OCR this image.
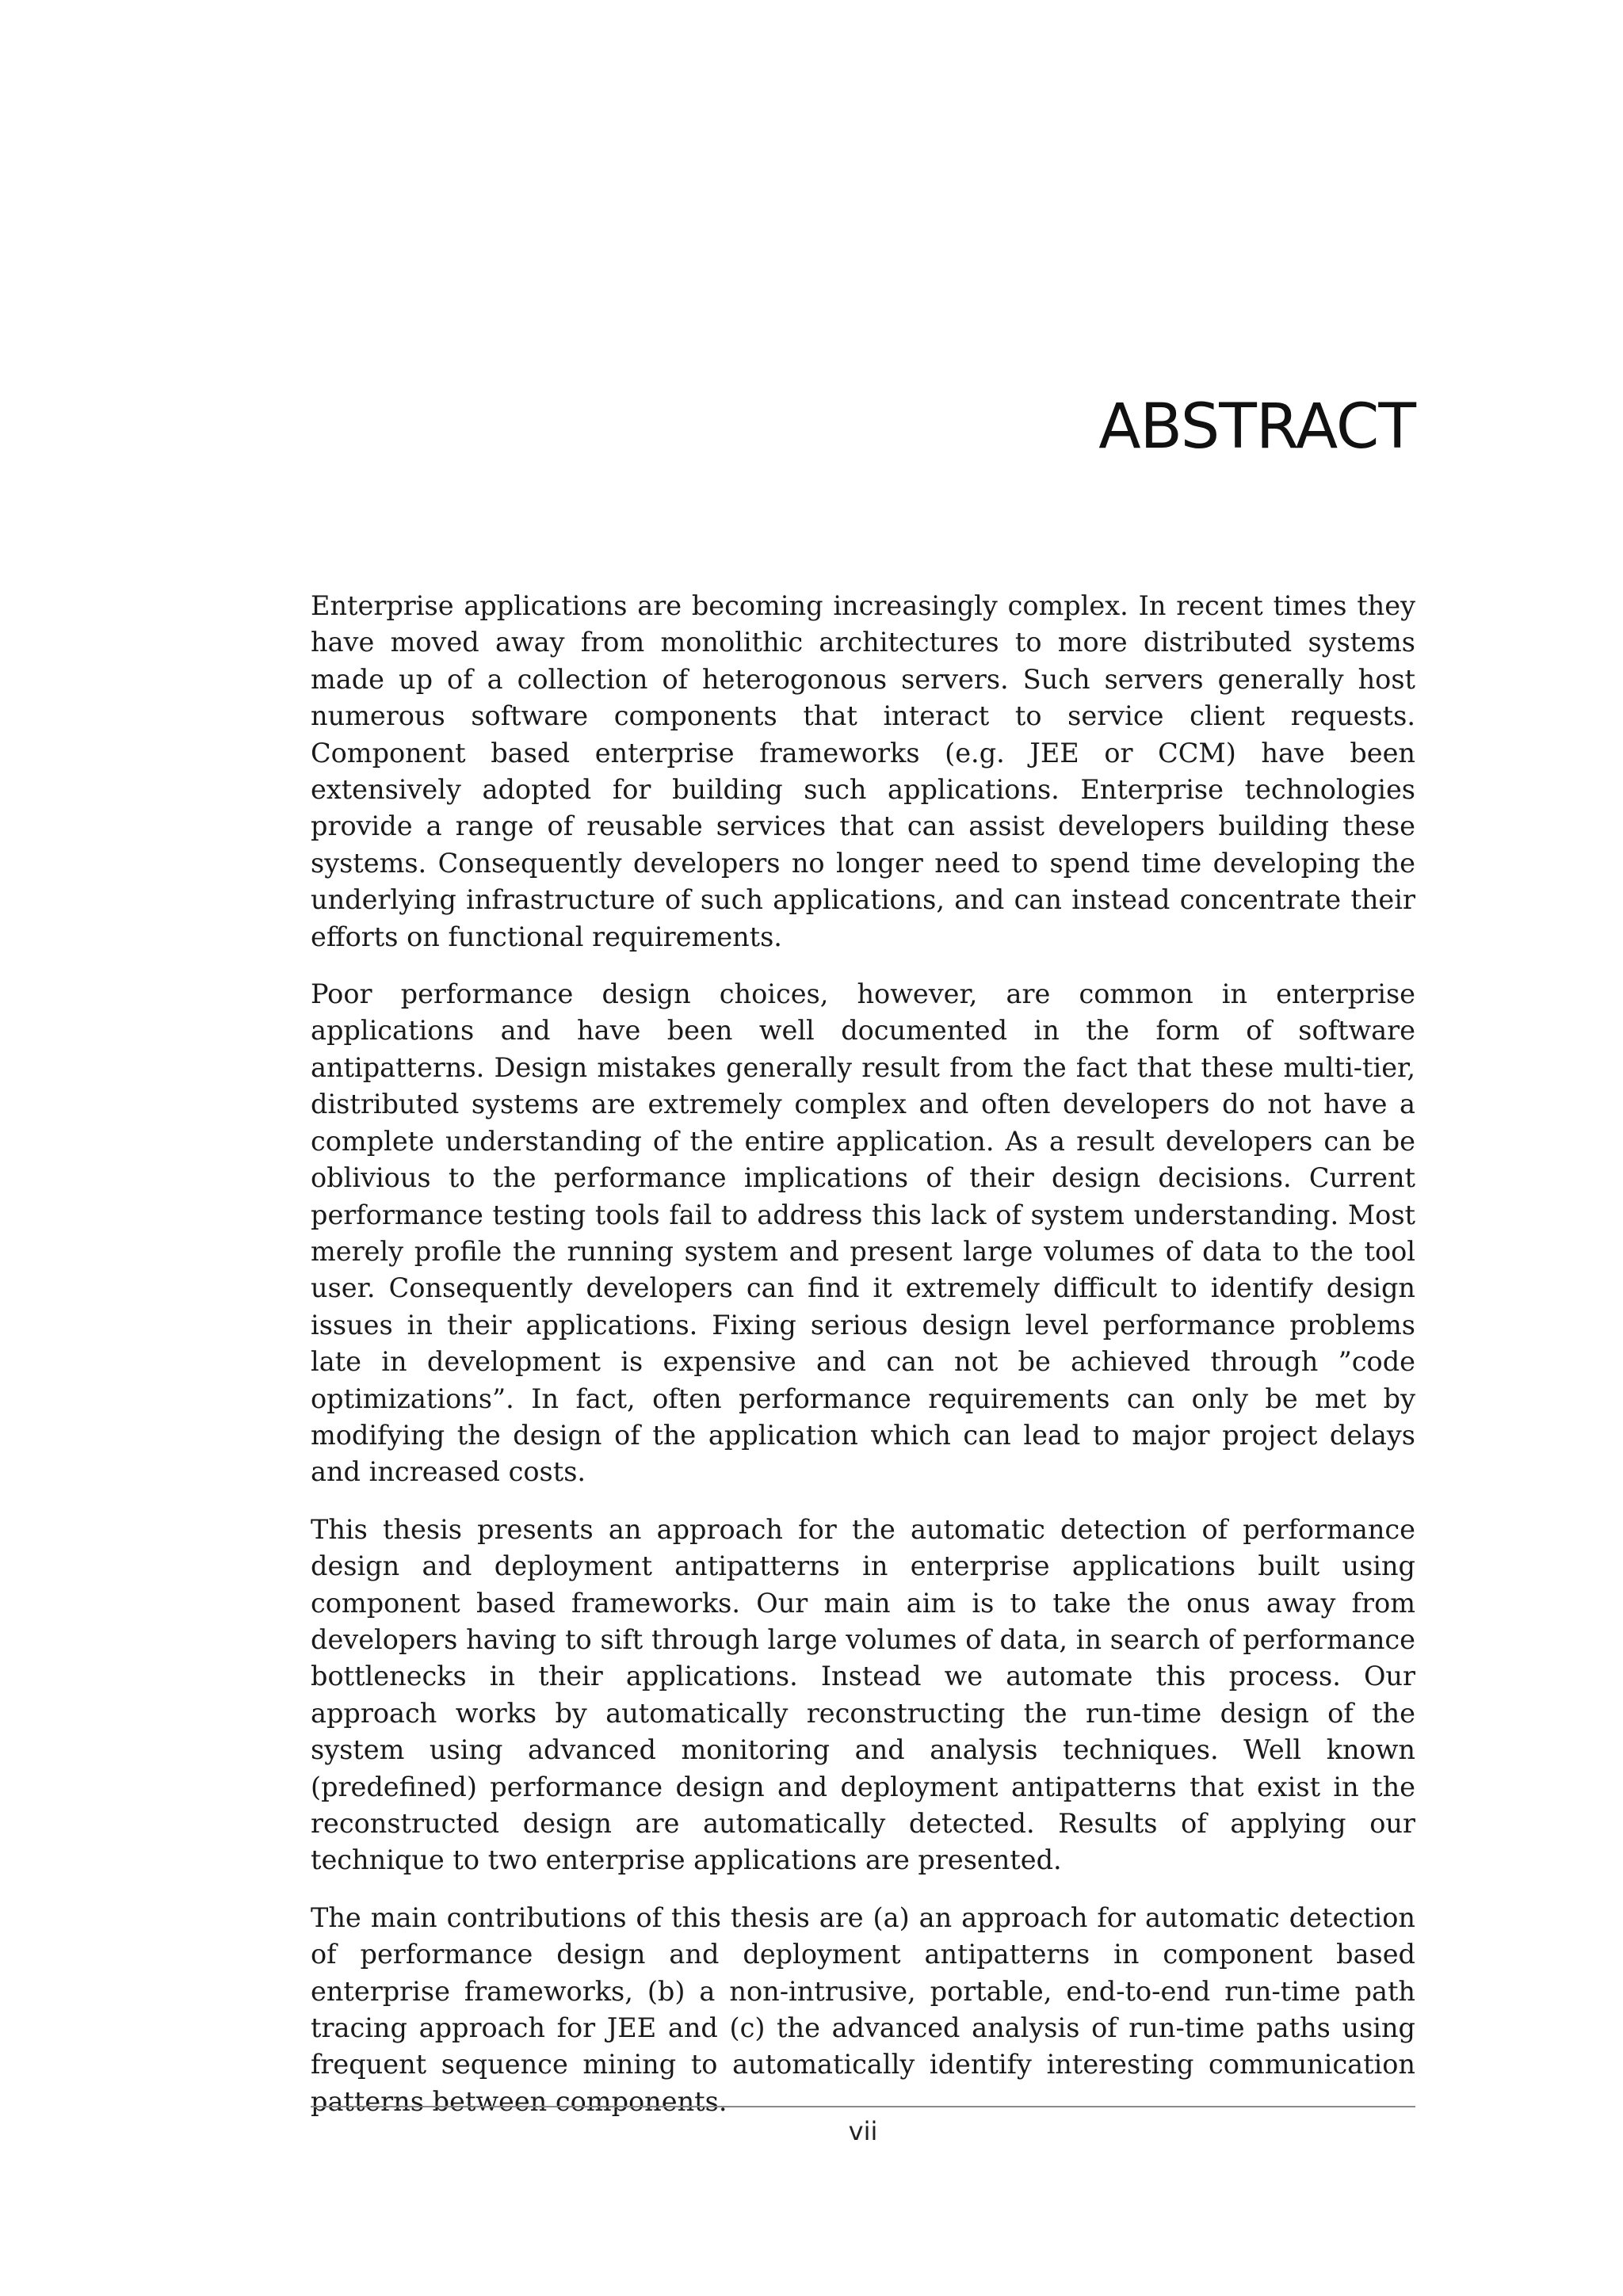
ABSTRACT

Enterprise applications are becoming increasingly complex. In recent times they have moved away from monolithic architectures to more distributed systems made up of a collection of heterogonous servers. Such servers generally host numerous software components that interact to service client requests. Component based enterprise frameworks (e.g. JEE or CCM) have been extensively adopted for building such applications. Enterprise technologies provide a range of reusable services that can assist developers building these systems. Consequently developers no longer need to spend time developing the underlying infrastructure of such applications, and can instead concentrate their efforts on functional requirements.

Poor performance design choices, however, are common in enterprise applications and have been well documented in the form of software antipatterns. Design mistakes generally result from the fact that these multi-tier, distributed systems are extremely complex and often developers do not have a complete understanding of the entire application. As a result developers can be oblivious to the performance implications of their design decisions. Current performance testing tools fail to address this lack of system understanding. Most merely profile the running system and present large volumes of data to the tool user. Consequently developers can find it extremely difficult to identify design issues in their applications. Fixing serious design level performance problems late in development is expensive and can not be achieved through ”code optimizations”. In fact, often performance requirements can only be met by modifying the design of the application which can lead to major project delays and increased costs.

This thesis presents an approach for the automatic detection of performance design and deployment antipatterns in enterprise applications built using component based frameworks. Our main aim is to take the onus away from developers having to sift through large volumes of data, in search of performance bottlenecks in their applications. Instead we automate this process. Our approach works by automatically reconstructing the run-time design of the system using advanced monitoring and analysis techniques. Well known (predefined) performance design and deployment antipatterns that exist in the reconstructed design are automatically detected. Results of applying our technique to two enterprise applications are presented.

The main contributions of this thesis are (a) an approach for automatic detection of performance design and deployment antipatterns in component based enterprise frameworks, (b) a non-intrusive, portable, end-to-end run-time path tracing approach for JEE and (c) the advanced analysis of run-time paths using frequent sequence mining to automatically identify interesting communication patterns between components.

vii
